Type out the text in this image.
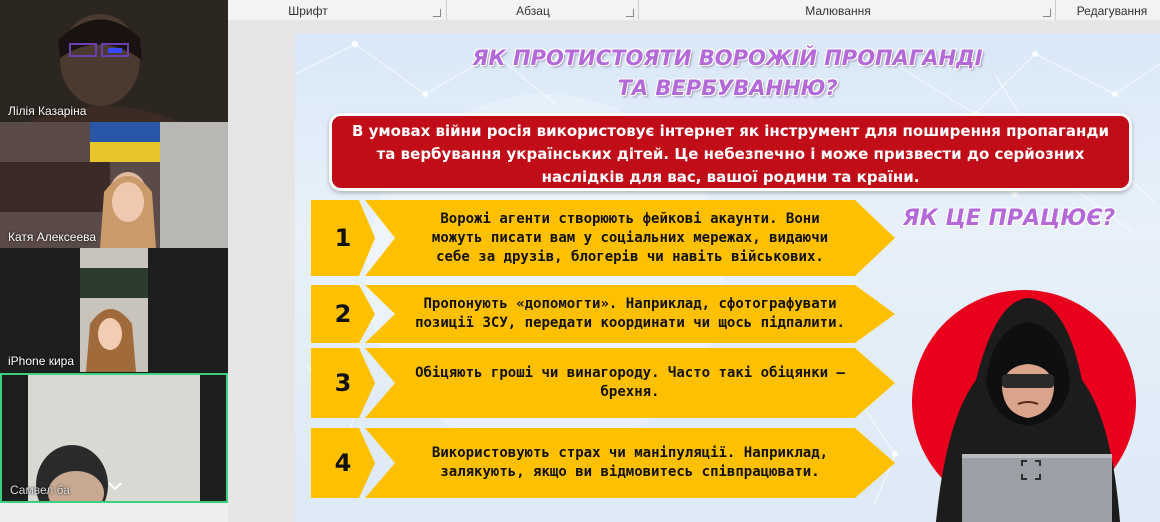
Шрифт	Абзац	Малювання	Редагування
Лілія Казаріна
Катя Алексеева
iPhone кира
Самвел ба
ЯК ПРОТИСТОЯТИ ВОРОЖІЙ ПРОПАГАНДІ
ТА ВЕРБУВАННЮ?
В умовах війни росія використовує інтернет як інструмент для поширення пропаганди та вербування українських дітей. Це небезпечно і може призвести до серйозних наслідків для вас, вашої родини та країни.
ЯК ЦЕ ПРАЦЮЄ?
1
Ворожі агенти створюють фейкові акаунти. Вони можуть писати вам у соціальних мережах, видаючи себе за друзів, блогерів чи навіть військових.
2	Пропонують «допомогти». Наприклад, сфотографувати позиції ЗСУ, передати координати чи щось підпалити.
3	Обіцяють гроші чи винагороду. Часто такі обіцянки — брехня.
4	Використовують страх чи маніпуляції. Наприклад, залякують, якщо ви відмовитесь співпрацювати.
